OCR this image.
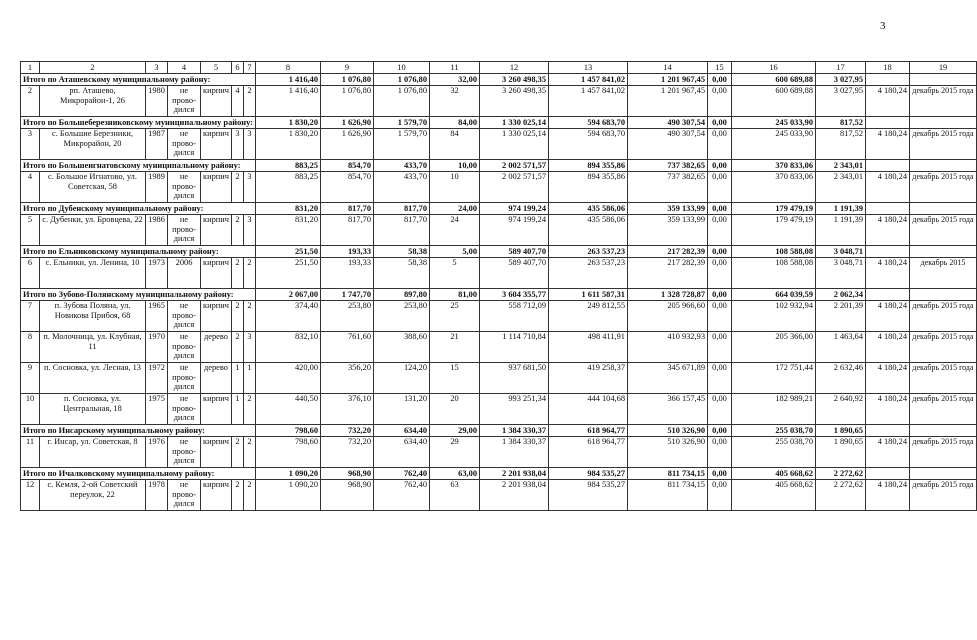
3
1	2	3	4	5	6	7	8	9	10	11	12	13	14	15	16	17	18	19
Итого по Аташевскому муниципальному району:							1 416,40	1 076,80	1 076,80	32,00	3 260 498,35	1 457 841,02	1 201 967,45	0,00	600 689,88	3 027,95		
2	рп. Аташево, Микрорайон-1, 26	1980	не прово-дился	кирпич	4	2	1 416,40	1 076,80	1 076,80	32	3 260 498,35	1 457 841,02	1 201 967,45	0,00	600 689,88	3 027,95	4 180,24	декабрь 2015 года
Итого по Большеберезниковскому муниципальному району:							1 830,20	1 626,90	1 579,70	84,00	1 330 025,14	594 683,70	490 307,54	0,00	245 033,90	817,52		
3	с. Большие Березники, Микрорайон, 20	1987	не прово-дился	кирпич	3	3	1 830,20	1 626,90	1 579,70	84	1 330 025,14	594 683,70	490 307,54	0,00	245 033,90	817,52	4 180,24	декабрь 2015 года
Итого по Большеигнатовскому муниципальному району:							883,25	854,70	433,70	10,00	2 002 571,57	894 355,86	737 382,65	0,00	370 833,06	2 343,01		
4	с. Большое Игнатово, ул. Советская, 58	1989	не прово-дился	кирпич	2	3	883,25	854,70	433,70	10	2 002 571,57	894 355,86	737 382,65	0,00	370 833,06	2 343,01	4 180,24	декабрь 2015 года
Итого по Дубенскому муниципальному району:							831,20	817,70	817,70	24,00	974 199,24	435 586,06	359 133,99	0,00	179 479,19	1 191,39		
5	с. Дубенки, ул. Бровцева, 22	1986	не прово-дился	кирпич	2	3	831,20	817,70	817,70	24	974 199,24	435 586,06	359 133,99	0,00	179 479,19	1 191,39	4 180,24	декабрь 2015 года
Итого по Ельниковскому муниципальному району:							251,50	193,33	58,38	5,00	589 407,70	263 537,23	217 282,39	0,00	108 588,08	3 048,71		
6	с. Ельники, ул. Ленина, 10	1973	2006	кирпич	2	2	251,50	193,33	58,38	5	589 407,70	263 537,23	217 282,39	0,00	108 588,08	3 048,71	4 180,24	декабрь 2015
Итого по Зубово-Полянскому муниципальному району:							2 067,00	1 747,70	897,80	81,00	3 604 355,77	1 611 587,31	1 328 728,87	0,00	664 039,59	2 062,34		
7	п. Зубова Поляна, ул. Новикова Прибоя, 68	1965	не прово-дился	кирпич	2	2	374,40	253,80	253,80	25	558 712,09	249 812,55	205 966,60	0,00	102 932,94	2 201,39	4 180,24	декабрь 2015 года
8	п. Молочница, ул. Клубная, 11	1970	не прово-дился	дерево	2	3	832,10	761,60	388,60	21	1 114 710,84	498 411,91	410 932,93	0,00	205 366,00	1 463,64	4 180,24	декабрь 2015 года
9	п. Сосновка, ул. Лесная, 13	1972	не прово-дился	дерево	1	1	420,00	356,20	124,20	15	937 681,50	419 258,37	345 671,89	0,00	172 751,44	2 632,46	4 180,24	декабрь 2015 года
10	п. Сосновка, ул. Центральная, 18	1975	не прово-дился	кирпич	1	2	440,50	376,10	131,20	20	993 251,34	444 104,68	366 157,45	0,00	182 989,21	2 640,92	4 180,24	декабрь 2015 года
Итого по Инсарскому муниципальному району:							798,60	732,20	634,40	29,00	1 384 330,37	618 964,77	510 326,90	0,00	255 038,70	1 890,65		
11	г. Инсар, ул. Советская, 8	1976	не прово-дился	кирпич	2	2	798,60	732,20	634,40	29	1 384 330,37	618 964,77	510 326,90	0,00	255 038,70	1 890,65	4 180,24	декабрь 2015 года
Итого по Ичалковскому муниципальному району:							1 090,20	968,90	762,40	63,00	2 201 938,04	984 535,27	811 734,15	0,00	405 668,62	2 272,62		
12	с. Кемля, 2-ой Советский переулок, 22	1978	не прово-дился	кирпич	2	2	1 090,20	968,90	762,40	63	2 201 938,04	984 535,27	811 734,15	0,00	405 668,62	2 272,62	4 180,24	декабрь 2015 года
